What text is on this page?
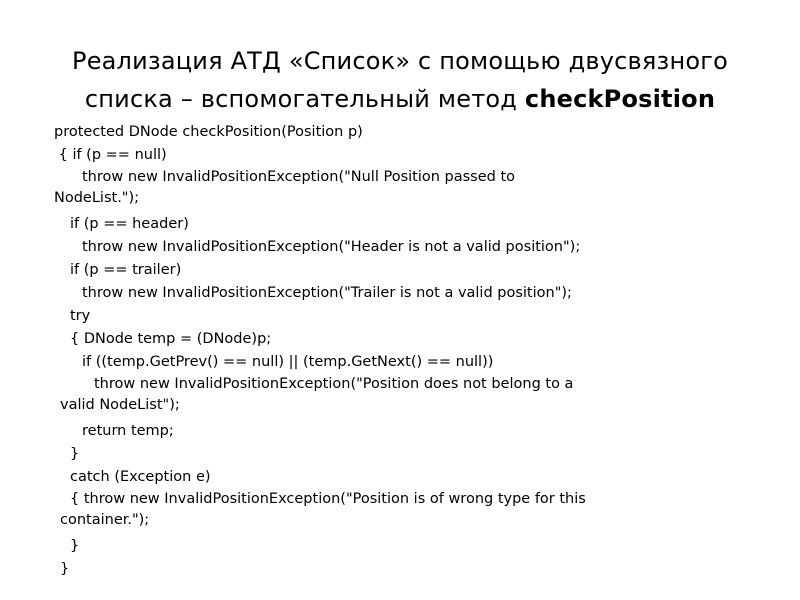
Реализация АТД «Список» с помощью двусвязного
списка – вспомогательный метод checkPosition
protected DNode checkPosition(Position p)
{ if (p == null)
throw new InvalidPositionException("Null Position passed to
NodeList.");
if (p == header)
throw new InvalidPositionException("Header is not a valid position");
if (p == trailer)
throw new InvalidPositionException("Trailer is not a valid position");
try
{ DNode temp = (DNode)p;
if ((temp.GetPrev() == null) || (temp.GetNext() == null))
throw new InvalidPositionException("Position does not belong to a
valid NodeList");
return temp;
}
catch (Exception e)
{ throw new InvalidPositionException("Position is of wrong type for this
container.");
}
}
